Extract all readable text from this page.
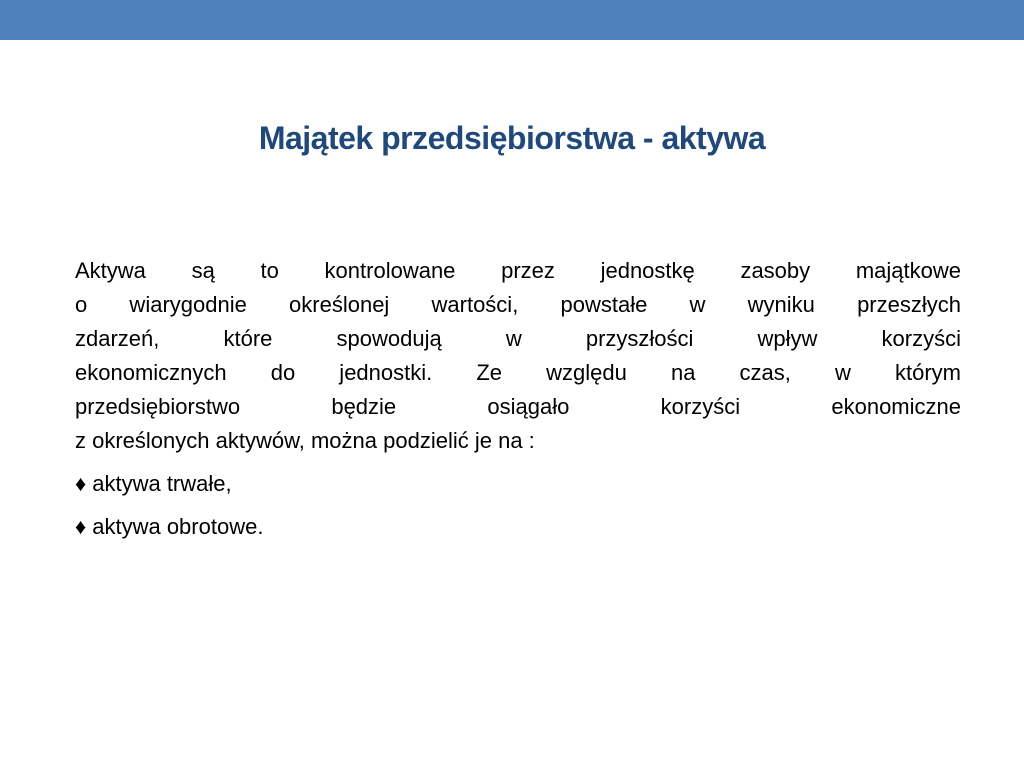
Majątek przedsiębiorstwa - aktywa

Aktywa są to kontrolowane przez jednostkę zasoby majątkowe
o wiarygodnie określonej wartości, powstałe w wyniku przeszłych
zdarzeń, które spowodują w przyszłości wpływ korzyści
ekonomicznych do jednostki. Ze względu na czas, w którym
przedsiębiorstwo będzie osiągało korzyści ekonomiczne
z określonych aktywów, można podzielić je na :

♦ aktywa trwałe,
♦ aktywa obrotowe.
